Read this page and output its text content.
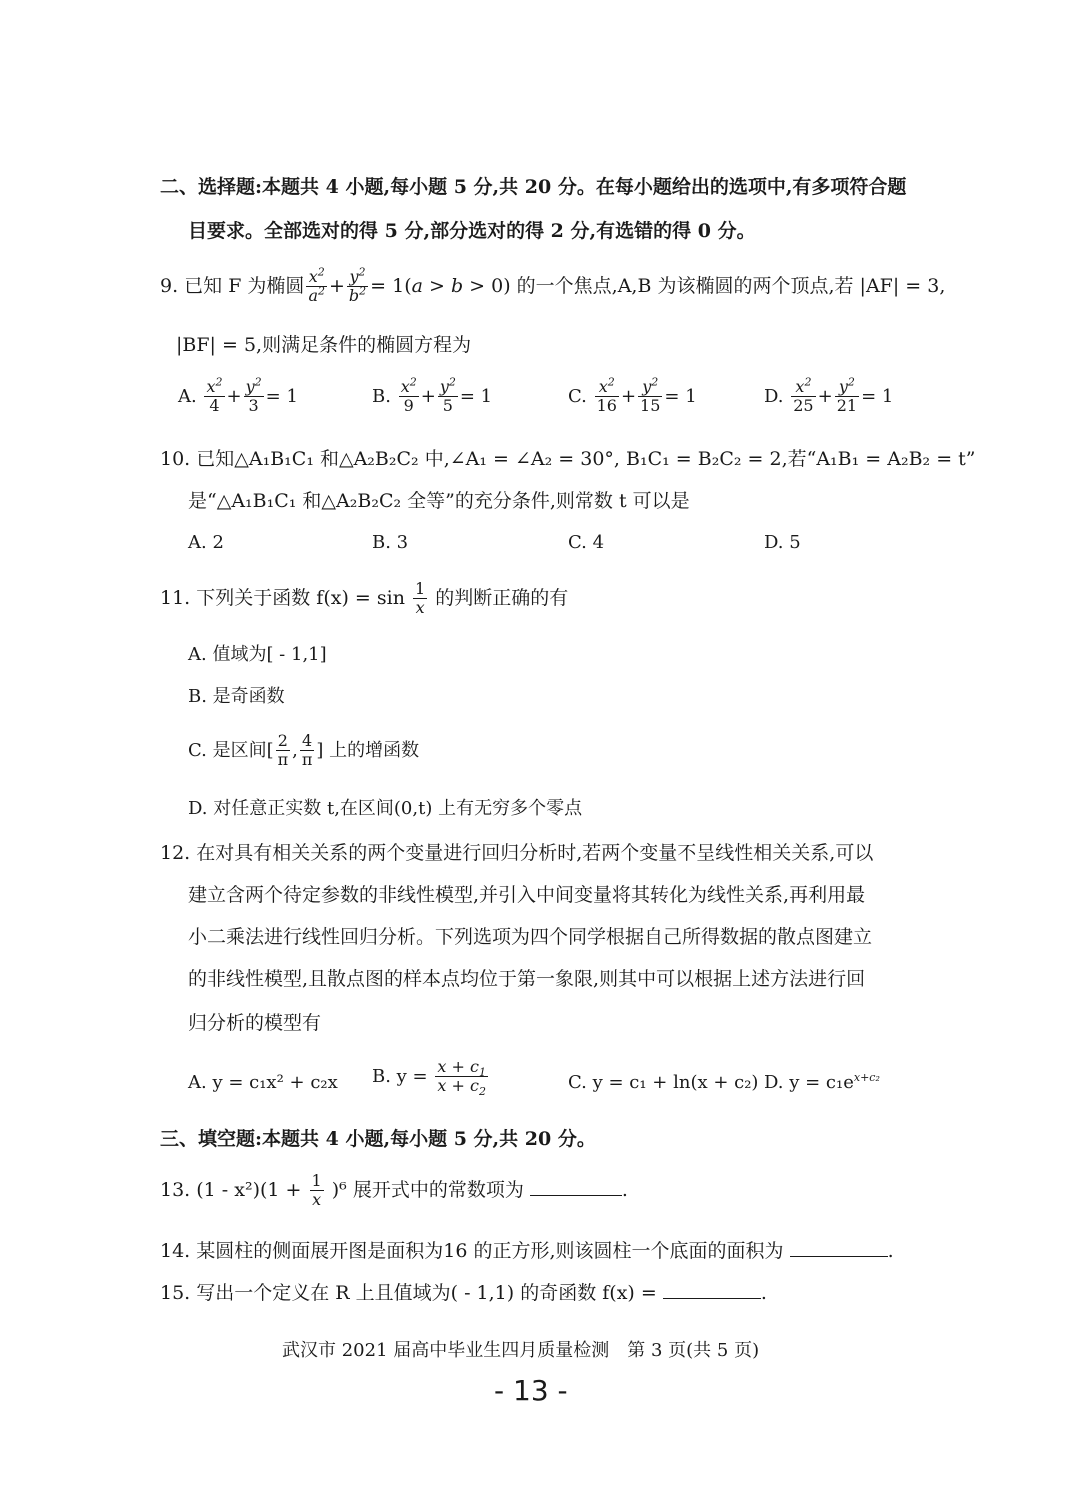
二、选择题:本题共 4 小题,每小题 5 分,共 20 分。在每小题给出的选项中,有多项符合题
目要求。全部选对的得 5 分,部分选对的得 2 分,有选错的得 0 分。
9. 已知 F 为椭圆 $\frac{x^2}{a^2} + \frac{y^2}{b^2} = 1(a > b > 0)$ 的一个焦点,A,B 为该椭圆的两个顶点,若 |AF| = 3,
|BF| = 5,则满足条件的椭圆方程为
A. $\frac{x^2}{4} + \frac{y^2}{3} = 1$	B. $\frac{x^2}{9} + \frac{y^2}{5} = 1$	C. $\frac{x^2}{16} + \frac{y^2}{15} = 1$	D. $\frac{x^2}{25} + \frac{y^2}{21} = 1$
10. 已知△A₁B₁C₁ 和△A₂B₂C₂ 中,∠A₁ = ∠A₂ = 30°, B₁C₁ = B₂C₂ = 2,若“A₁B₁ = A₂B₂ = t”
是“△A₁B₁C₁ 和△A₂B₂C₂ 全等”的充分条件,则常数 t 可以是
A. 2	B. 3	C. 4	D. 5
11. 下列关于函数 $f(x) = \sin \frac{1}{x}$ 的判断正确的有
A. 值域为[ - 1,1]
B. 是奇函数
C. 是区间[ $\frac{2}{\pi}$ , $\frac{4}{\pi}$ ] 上的增函数
D. 对任意正实数 t,在区间(0,t) 上有无穷多个零点
12. 在对具有相关关系的两个变量进行回归分析时,若两个变量不呈线性相关关系,可以
建立含两个待定参数的非线性模型,并引入中间变量将其转化为线性关系,再利用最
小二乘法进行线性回归分析。下列选项为四个同学根据自己所得数据的散点图建立
的非线性模型,且散点图的样本点均位于第一象限,则其中可以根据上述方法进行回
归分析的模型有
A. y = c₁x² + c₂x B. $y = \frac{x + c_1}{x + c_2}$	C. y = c₁ + ln(x + c₂) D. $y = c_1e^{x+c_2}$
三、填空题:本题共 4 小题,每小题 5 分,共 20 分。
13. $(1 - x^2)(1 + \frac{1}{x} )^6$ 展开式中的常数项为	.
14. 某圆柱的侧面展开图是面积为16 的正方形,则该圆柱一个底面的面积为	.
15. 写出一个定义在 R 上且值域为( - 1,1) 的奇函数 f(x) =	.
武汉市 2021 届高中毕业生四月质量检测　第 3 页(共 5 页)
- 13 -
